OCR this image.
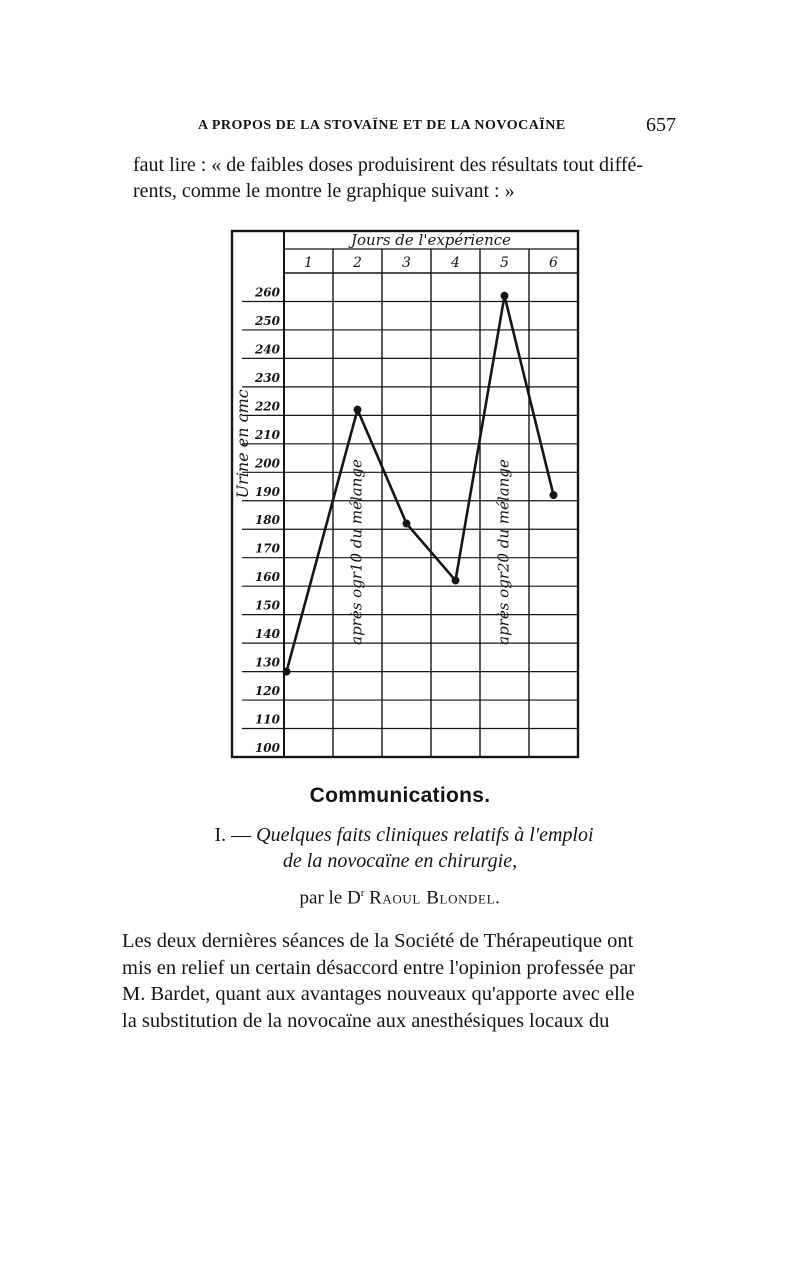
A PROPOS DE LA STOVAÏNE ET DE LA NOVOCAÏNE	657
faut lire : « de faibles doses produisirent des résultats tout diffé-
rents, comme le montre le graphique suivant : »
Jours de l'expérience
1	2	3	4	5	6
260
250
240
230
220
210
200
190
180
170
160
150
140
130
120
110
100
Urine en cmc
après ogr10 du mélange	après ogr20 du mélange
Communications.
I. — Quelques faits cliniques relatifs à l'emploi
de la novocaïne en chirurgie,
par le $D^r$ Raoul Blondel.
Les deux dernières séances de la Société de Thérapeutique ont
mis en relief un certain désaccord entre l'opinion professée par
M. Bardet, quant aux avantages nouveaux qu'apporte avec elle
la substitution de la novocaïne aux anesthésiques locaux du
